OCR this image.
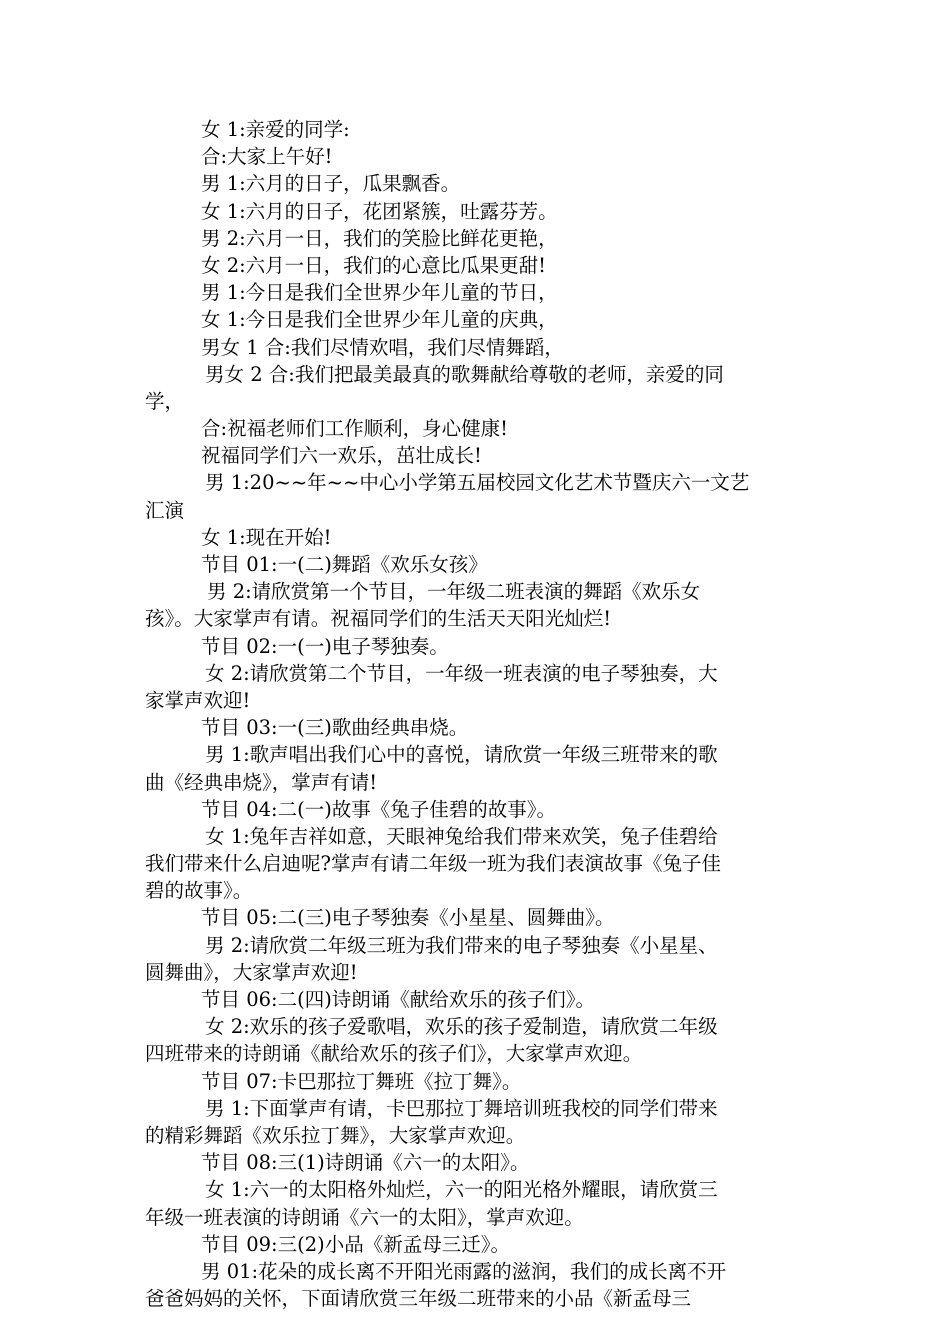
女 1:亲爱的同学:
合:大家上午好!
男 1:六月的日子，瓜果飘香。
女 1:六月的日子，花团紧簇，吐露芬芳。
男 2:六月一日，我们的笑脸比鲜花更艳，
女 2:六月一日，我们的心意比瓜果更甜!
男 1:今日是我们全世界少年儿童的节日，
女 1:今日是我们全世界少年儿童的庆典，
男女 1 合:我们尽情欢唱，我们尽情舞蹈，
男女 2 合:我们把最美最真的歌舞献给尊敬的老师，亲爱的同
学，
合:祝福老师们工作顺利，身心健康!
祝福同学们六一欢乐，茁壮成长!
男 1:20~~年~~中心小学第五届校园文化艺术节暨庆六一文艺
汇演
女 1:现在开始!
节目 01:一(二)舞蹈《欢乐女孩》
男 2:请欣赏第一个节目，一年级二班表演的舞蹈《欢乐女
孩》。大家掌声有请。祝福同学们的生活天天阳光灿烂!
节目 02:一(一)电子琴独奏。
女 2:请欣赏第二个节目，一年级一班表演的电子琴独奏，大
家掌声欢迎!
节目 03:一(三)歌曲经典串烧。
男 1:歌声唱出我们心中的喜悦，请欣赏一年级三班带来的歌
曲《经典串烧》，掌声有请!
节目 04:二(一)故事《兔子佳碧的故事》。
女 1:兔年吉祥如意，天眼神兔给我们带来欢笑，兔子佳碧给
我们带来什么启迪呢?掌声有请二年级一班为我们表演故事《兔子佳
碧的故事》。
节目 05:二(三)电子琴独奏《小星星、圆舞曲》。
男 2:请欣赏二年级三班为我们带来的电子琴独奏《小星星、
圆舞曲》，大家掌声欢迎!
节目 06:二(四)诗朗诵《献给欢乐的孩子们》。
女 2:欢乐的孩子爱歌唱，欢乐的孩子爱制造，请欣赏二年级
四班带来的诗朗诵《献给欢乐的孩子们》，大家掌声欢迎。
节目 07:卡巴那拉丁舞班《拉丁舞》。
男 1:下面掌声有请，卡巴那拉丁舞培训班我校的同学们带来
的精彩舞蹈《欢乐拉丁舞》，大家掌声欢迎。
节目 08:三(1)诗朗诵《六一的太阳》。
女 1:六一的太阳格外灿烂，六一的阳光格外耀眼，请欣赏三
年级一班表演的诗朗诵《六一的太阳》，掌声欢迎。
节目 09:三(2)小品《新孟母三迁》。
男 01:花朵的成长离不开阳光雨露的滋润，我们的成长离不开
爸爸妈妈的关怀，下面请欣赏三年级二班带来的小品《新孟母三
